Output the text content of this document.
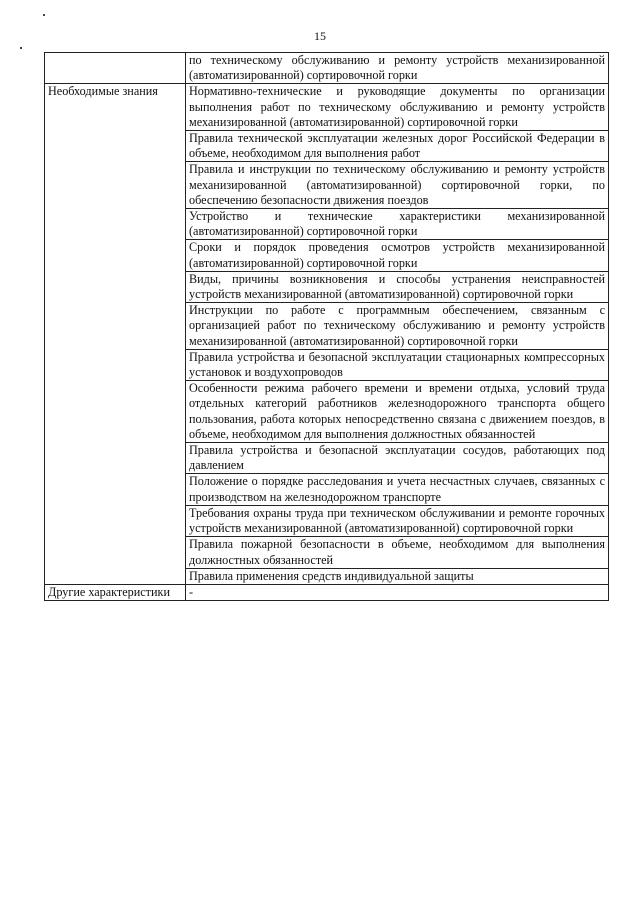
15
	по техническому обслуживанию и ремонту устройств механизированной (автоматизированной) сортировочной горки
Необходимые знания	Нормативно-технические и руководящие документы по организации выполнения работ по техническому обслуживанию и ремонту устройств механизированной (автоматизированной) сортировочной горки
	Правила технической эксплуатации железных дорог Российской Федерации в объеме, необходимом для выполнения работ
	Правила и инструкции по техническому обслуживанию и ремонту устройств механизированной (автоматизированной) сортировочной горки, по обеспечению безопасности движения поездов
	Устройство и технические характеристики механизированной (автоматизированной) сортировочной горки
	Сроки и порядок проведения осмотров устройств механизированной (автоматизированной) сортировочной горки
	Виды, причины возникновения и способы устранения неисправностей устройств механизированной (автоматизированной) сортировочной горки
	Инструкции по работе с программным обеспечением, связанным с организацией работ по техническому обслуживанию и ремонту устройств механизированной (автоматизированной) сортировочной горки
	Правила устройства и безопасной эксплуатации стационарных компрессорных установок и воздухопроводов
	Особенности режима рабочего времени и времени отдыха, условий труда отдельных категорий работников железнодорожного транспорта общего пользования, работа которых непосредственно связана с движением поездов, в объеме, необходимом для выполнения должностных обязанностей
	Правила устройства и безопасной эксплуатации сосудов, работающих под давлением
	Положение о порядке расследования и учета несчастных случаев, связанных с производством на железнодорожном транспорте
	Требования охраны труда при техническом обслуживании и ремонте горочных устройств механизированной (автоматизированной) сортировочной горки
	Правила пожарной безопасности в объеме, необходимом для выполнения должностных обязанностей
	Правила применения средств индивидуальной защиты
Другие характеристики	-
